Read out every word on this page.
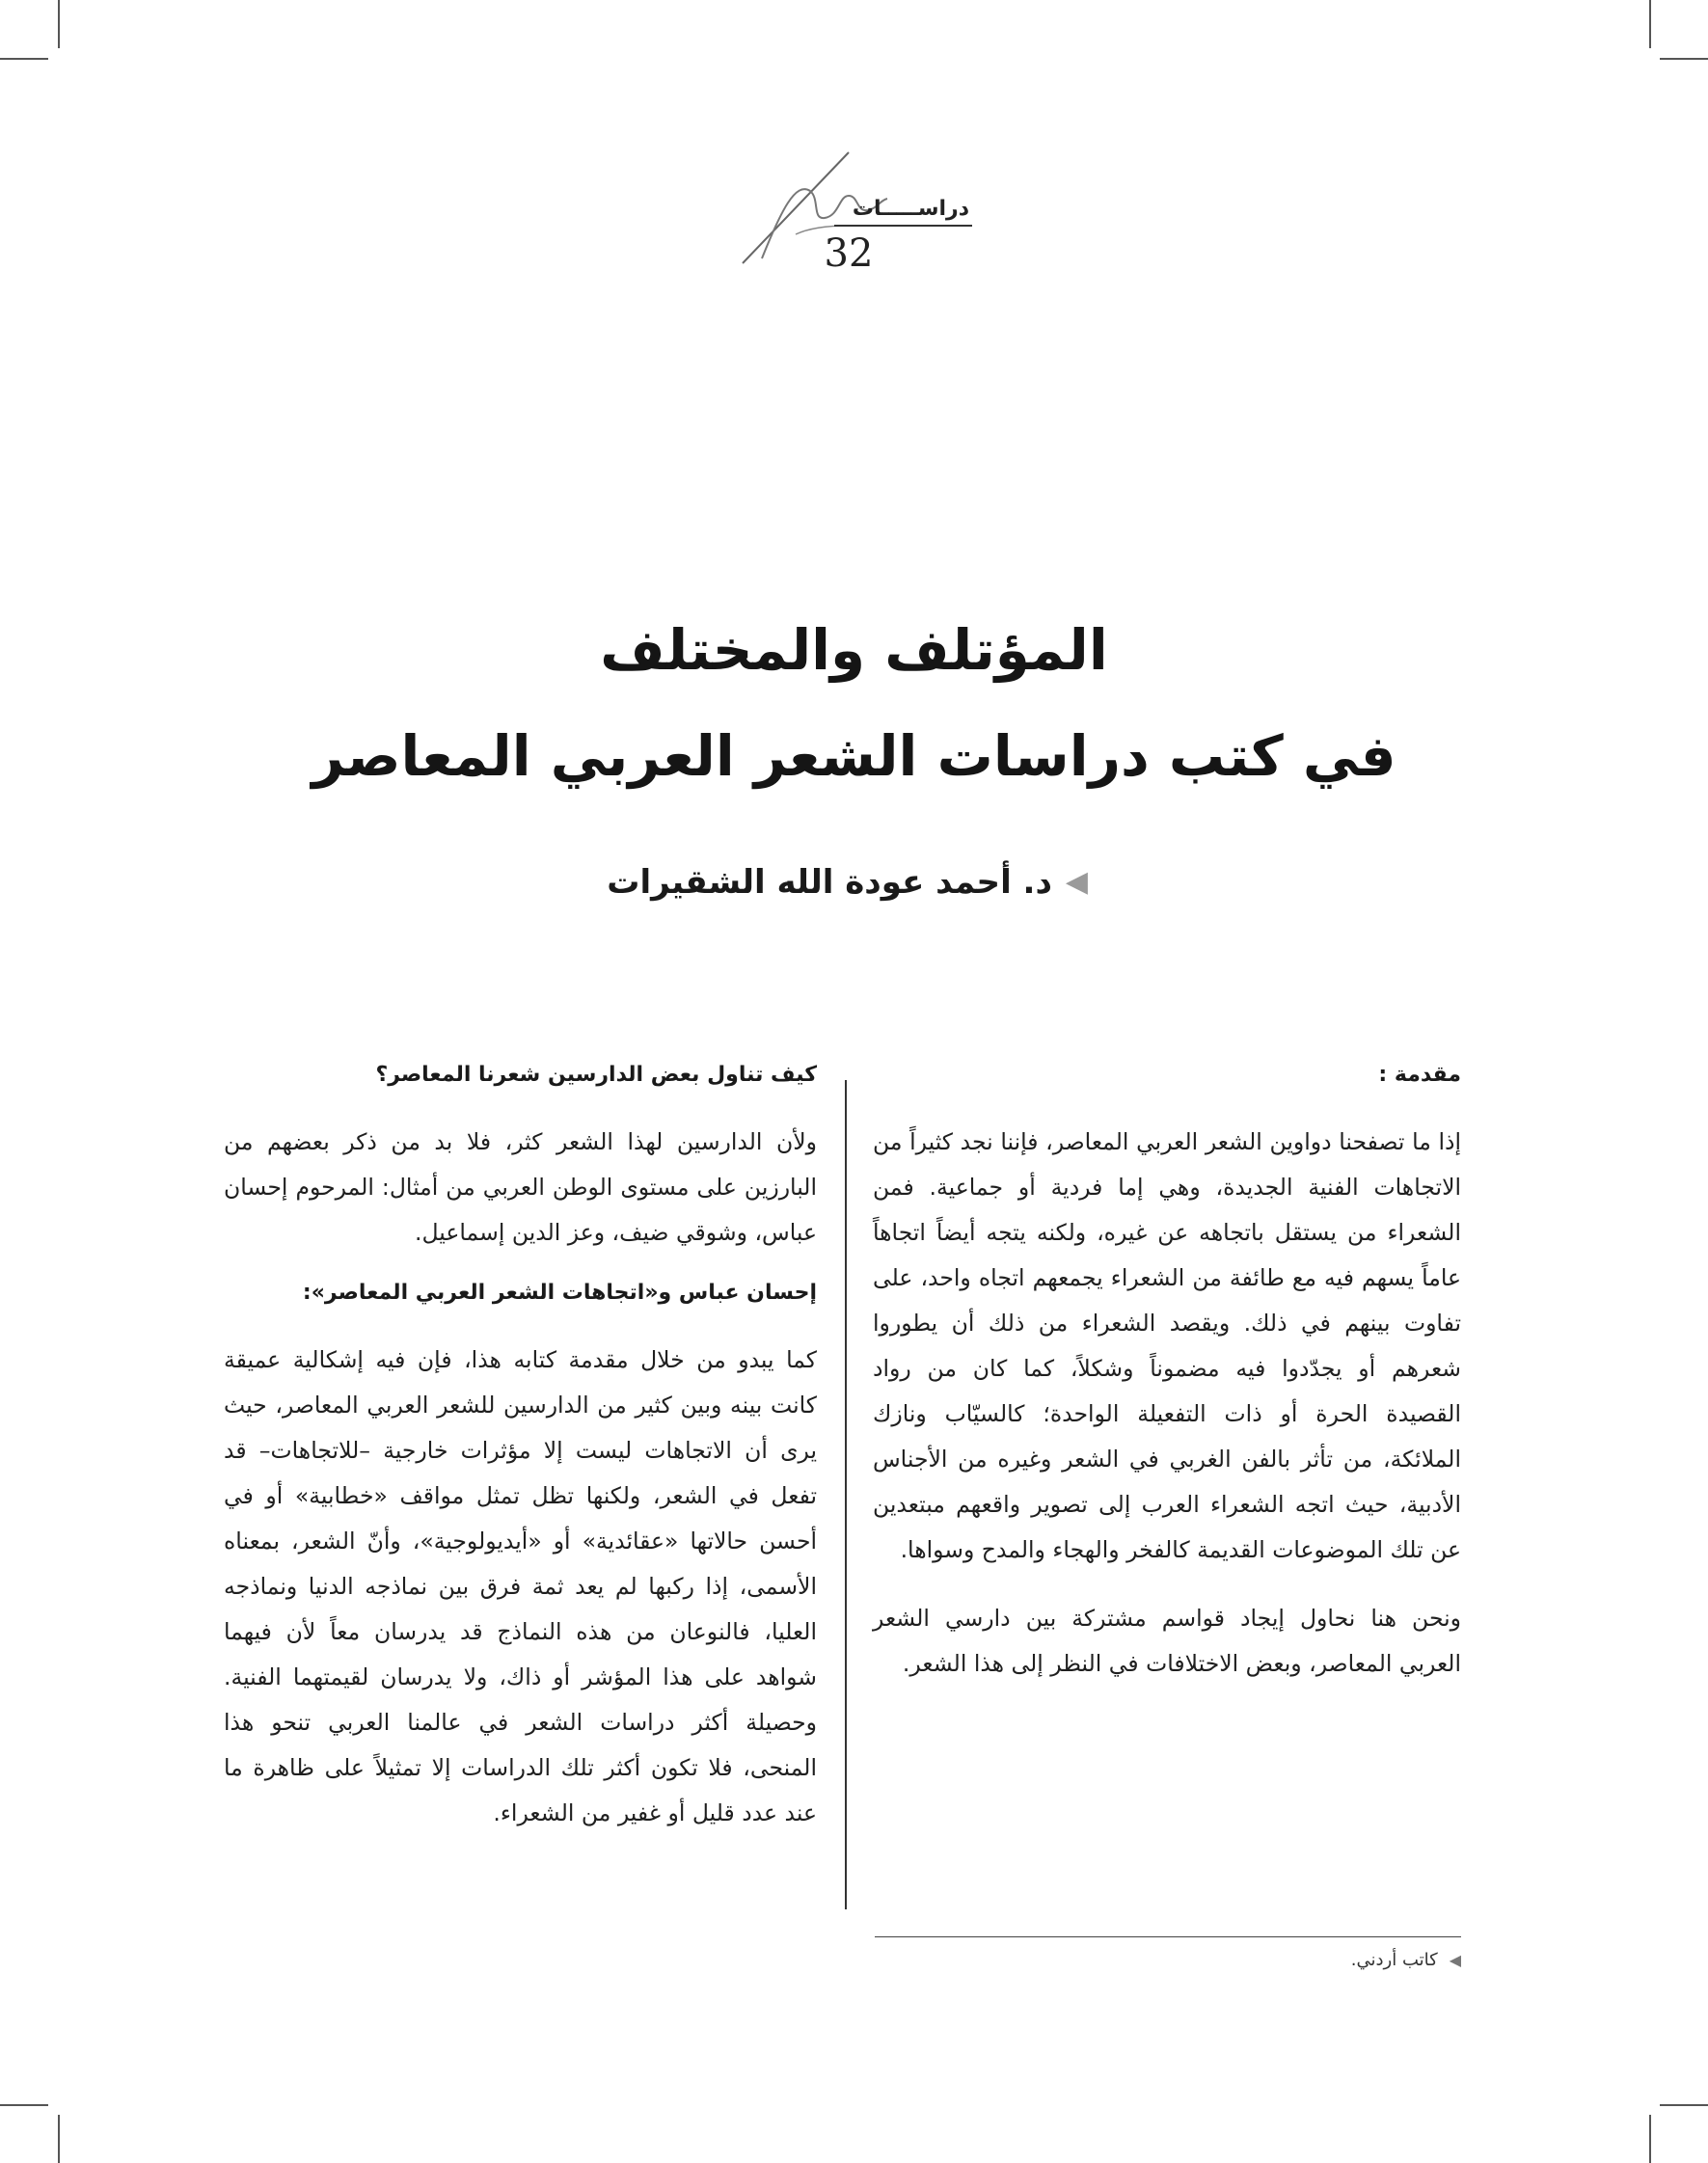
دراســـــات
32
المؤتلف والمختلف
في كتب دراسات الشعر العربي المعاصر
◀
د. أحمد عودة الله الشقيرات
مقدمة :

إذا ما تصفحنا دواوين الشعر العربي المعاصر، فإننا نجد كثيراً من الاتجاهات الفنية الجديدة، وهي إما فردية أو جماعية. فمن الشعراء من يستقل باتجاهه عن غيره، ولكنه يتجه أيضاً اتجاهاً عاماً يسهم فيه مع طائفة من الشعراء يجمعهم اتجاه واحد، على تفاوت بينهم في ذلك. ويقصد الشعراء من ذلك أن يطوروا شعرهم أو يجدّدوا فيه مضموناً وشكلاً، كما كان من رواد القصيدة الحرة أو ذات التفعيلة الواحدة؛ كالسيّاب ونازك الملائكة، من تأثر بالفن الغربي في الشعر وغيره من الأجناس الأدبية، حيث اتجه الشعراء العرب إلى تصوير واقعهم مبتعدين عن تلك الموضوعات القديمة كالفخر والهجاء والمدح وسواها.

ونحن هنا نحاول إيجاد قواسم مشتركة بين دارسي الشعر العربي المعاصر، وبعض الاختلافات في النظر إلى هذا الشعر.

كيف تناول بعض الدارسين شعرنا المعاصر؟

ولأن الدارسين لهذا الشعر كثر، فلا بد من ذكر بعضهم من البارزين على مستوى الوطن العربي من أمثال: المرحوم إحسان عباس، وشوقي ضيف، وعز الدين إسماعيل.

إحسان عباس و«اتجاهات الشعر العربي المعاصر»:

كما يبدو من خلال مقدمة كتابه هذا، فإن فيه إشكالية عميقة كانت بينه وبين كثير من الدارسين للشعر العربي المعاصر، حيث يرى أن الاتجاهات ليست إلا مؤثرات خارجية –للاتجاهات– قد تفعل في الشعر، ولكنها تظل تمثل مواقف «خطابية» أو في أحسن حالاتها «عقائدية» أو «أيديولوجية»، وأنّ الشعر، بمعناه الأسمى، إذا ركبها لم يعد ثمة فرق بين نماذجه الدنيا ونماذجه العليا، فالنوعان من هذه النماذج قد يدرسان معاً لأن فيهما شواهد على هذا المؤشر أو ذاك، ولا يدرسان لقيمتهما الفنية. وحصيلة أكثر دراسات الشعر في عالمنا العربي تنحو هذا المنحى، فلا تكون أكثر تلك الدراسات إلا تمثيلاً على ظاهرة ما عند عدد قليل أو غفير من الشعراء.

◀
كاتب أردني.
